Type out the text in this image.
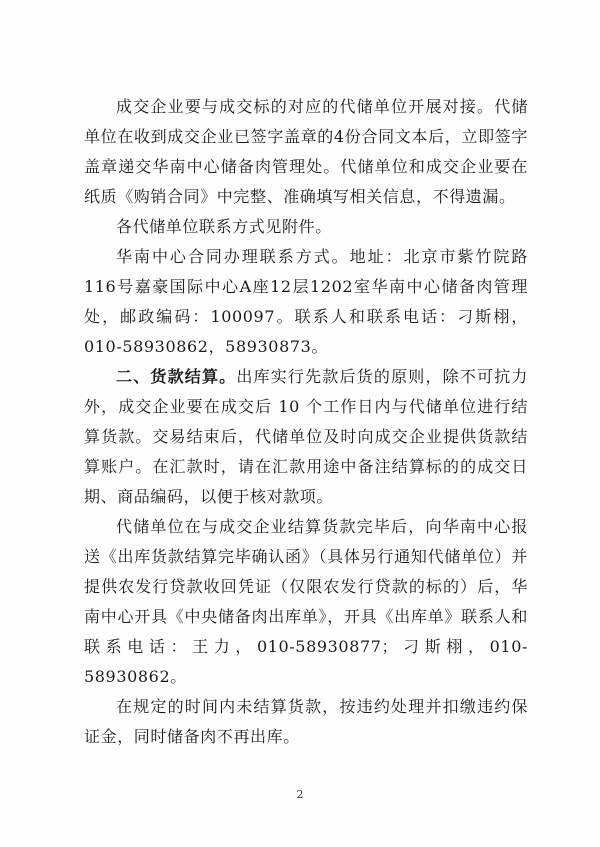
成交企业要与成交标的对应的代储单位开展对接。代储单位在收到成交企业已签字盖章的4份合同文本后，立即签字盖章递交华南中心储备肉管理处。代储单位和成交企业要在纸质《购销合同》中完整、准确填写相关信息，不得遗漏。

各代储单位联系方式见附件。

华南中心合同办理联系方式。地址：北京市紫竹院路116号嘉豪国际中心A座12层1202室华南中心储备肉管理处，邮政编码：100097。联系人和联系电话：刁斯栩，010-58930862，58930873。

二、货款结算。出库实行先款后货的原则，除不可抗力外，成交企业要在成交后 10 个工作日内与代储单位进行结算货款。交易结束后，代储单位及时向成交企业提供货款结算账户。在汇款时，请在汇款用途中备注结算标的的成交日期、商品编码，以便于核对款项。

代储单位在与成交企业结算货款完毕后，向华南中心报送《出库货款结算完毕确认函》（具体另行通知代储单位）并提供农发行贷款收回凭证（仅限农发行贷款的标的）后，华南中心开具《中央储备肉出库单》，开具《出库单》联系人和联系电话：王力，010-58930877；刁斯栩，010-58930862。

在规定的时间内未结算货款，按违约处理并扣缴违约保证金，同时储备肉不再出库。

2
